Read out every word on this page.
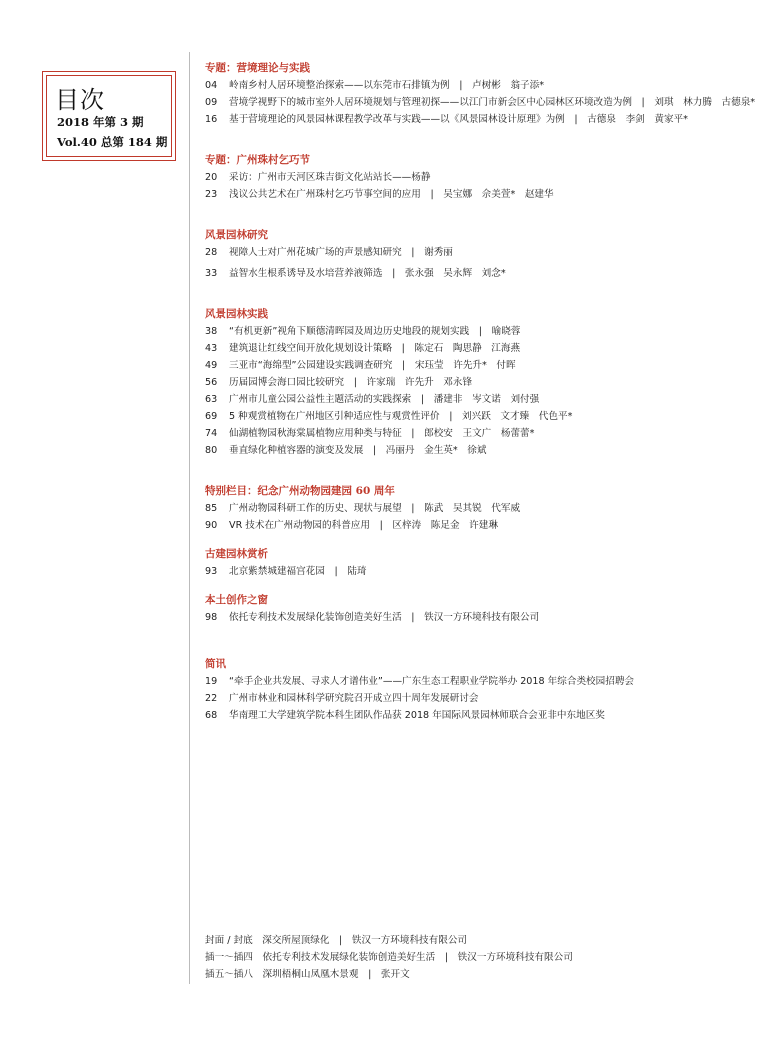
目次
2018 年第 3 期
Vol.40 总第 184 期
专题：营境理论与实践
04 岭南乡村人居环境整治探索——以东莞市石排镇为例　|　卢树彬　翁子添*
09 营境学视野下的城市室外人居环境规划与管理初探——以江门市新会区中心园林区环境改造为例　|　刘琪　林力腾　古德泉*
16 基于营境理论的风景园林课程教学改革与实践——以《风景园林设计原理》为例　|　古德泉　李剑　黄家平*
专题：广州珠村乞巧节
20 采访：广州市天河区珠吉街文化站站长——杨静
23 浅议公共艺术在广州珠村乞巧节事空间的应用　|　吴宝娜　佘美萱*　赵建华
风景园林研究
28 视障人士对广州花城广场的声景感知研究　|　谢秀丽
33 益智水生根系诱导及水培营养液筛选　|　张永强　吴永辉　刘念*
风景园林实践
38 “有机更新”视角下顺德清晖园及周边历史地段的规划实践　|　喻晓蓉
43 建筑退让红线空间开放化规划设计策略　|　陈定石　陶思静　江海燕
49 三亚市“海绵型”公园建设实践调查研究　|　宋珏莹　许先升*　付晖
56 历届园博会海口园比较研究　|　许家瑞　许先升　邓永锋
63 广州市儿童公园公益性主题活动的实践探索　|　潘建非　岑文诺　刘付强
69 5 种观赏植物在广州地区引种适应性与观赏性评价　|　刘兴跃　文才臻　代色平*
74 仙湖植物园秋海棠属植物应用种类与特征　|　郎校安　王文广　杨蕾蕾*
80 垂直绿化种植容器的演变及发展　|　冯丽丹　金生英*　徐斌
特别栏目：纪念广州动物园建园 60 周年
85 广州动物园科研工作的历史、现状与展望　|　陈武　吴其锐　代军威
90 VR 技术在广州动物园的科普应用　|　区梓涛　陈足金　许建琳
古建园林赏析
93 北京紫禁城建福宫花园　|　陆琦
本土创作之窗
98 依托专利技术发展绿化装饰创造美好生活　|　铁汉一方环境科技有限公司
简讯
19 “牵手企业共发展、寻求人才谱伟业”——广东生态工程职业学院举办 2018 年综合类校园招聘会
22 广州市林业和园林科学研究院召开成立四十周年发展研讨会
68 华南理工大学建筑学院本科生团队作品获 2018 年国际风景园林师联合会亚非中东地区奖
封面 / 封底　深交所屋顶绿化　|　铁汉一方环境科技有限公司
插一～插四　依托专利技术发展绿化装饰创造美好生活　|　铁汉一方环境科技有限公司
插五～插八　深圳梧桐山凤凰木景观　|　张开文
